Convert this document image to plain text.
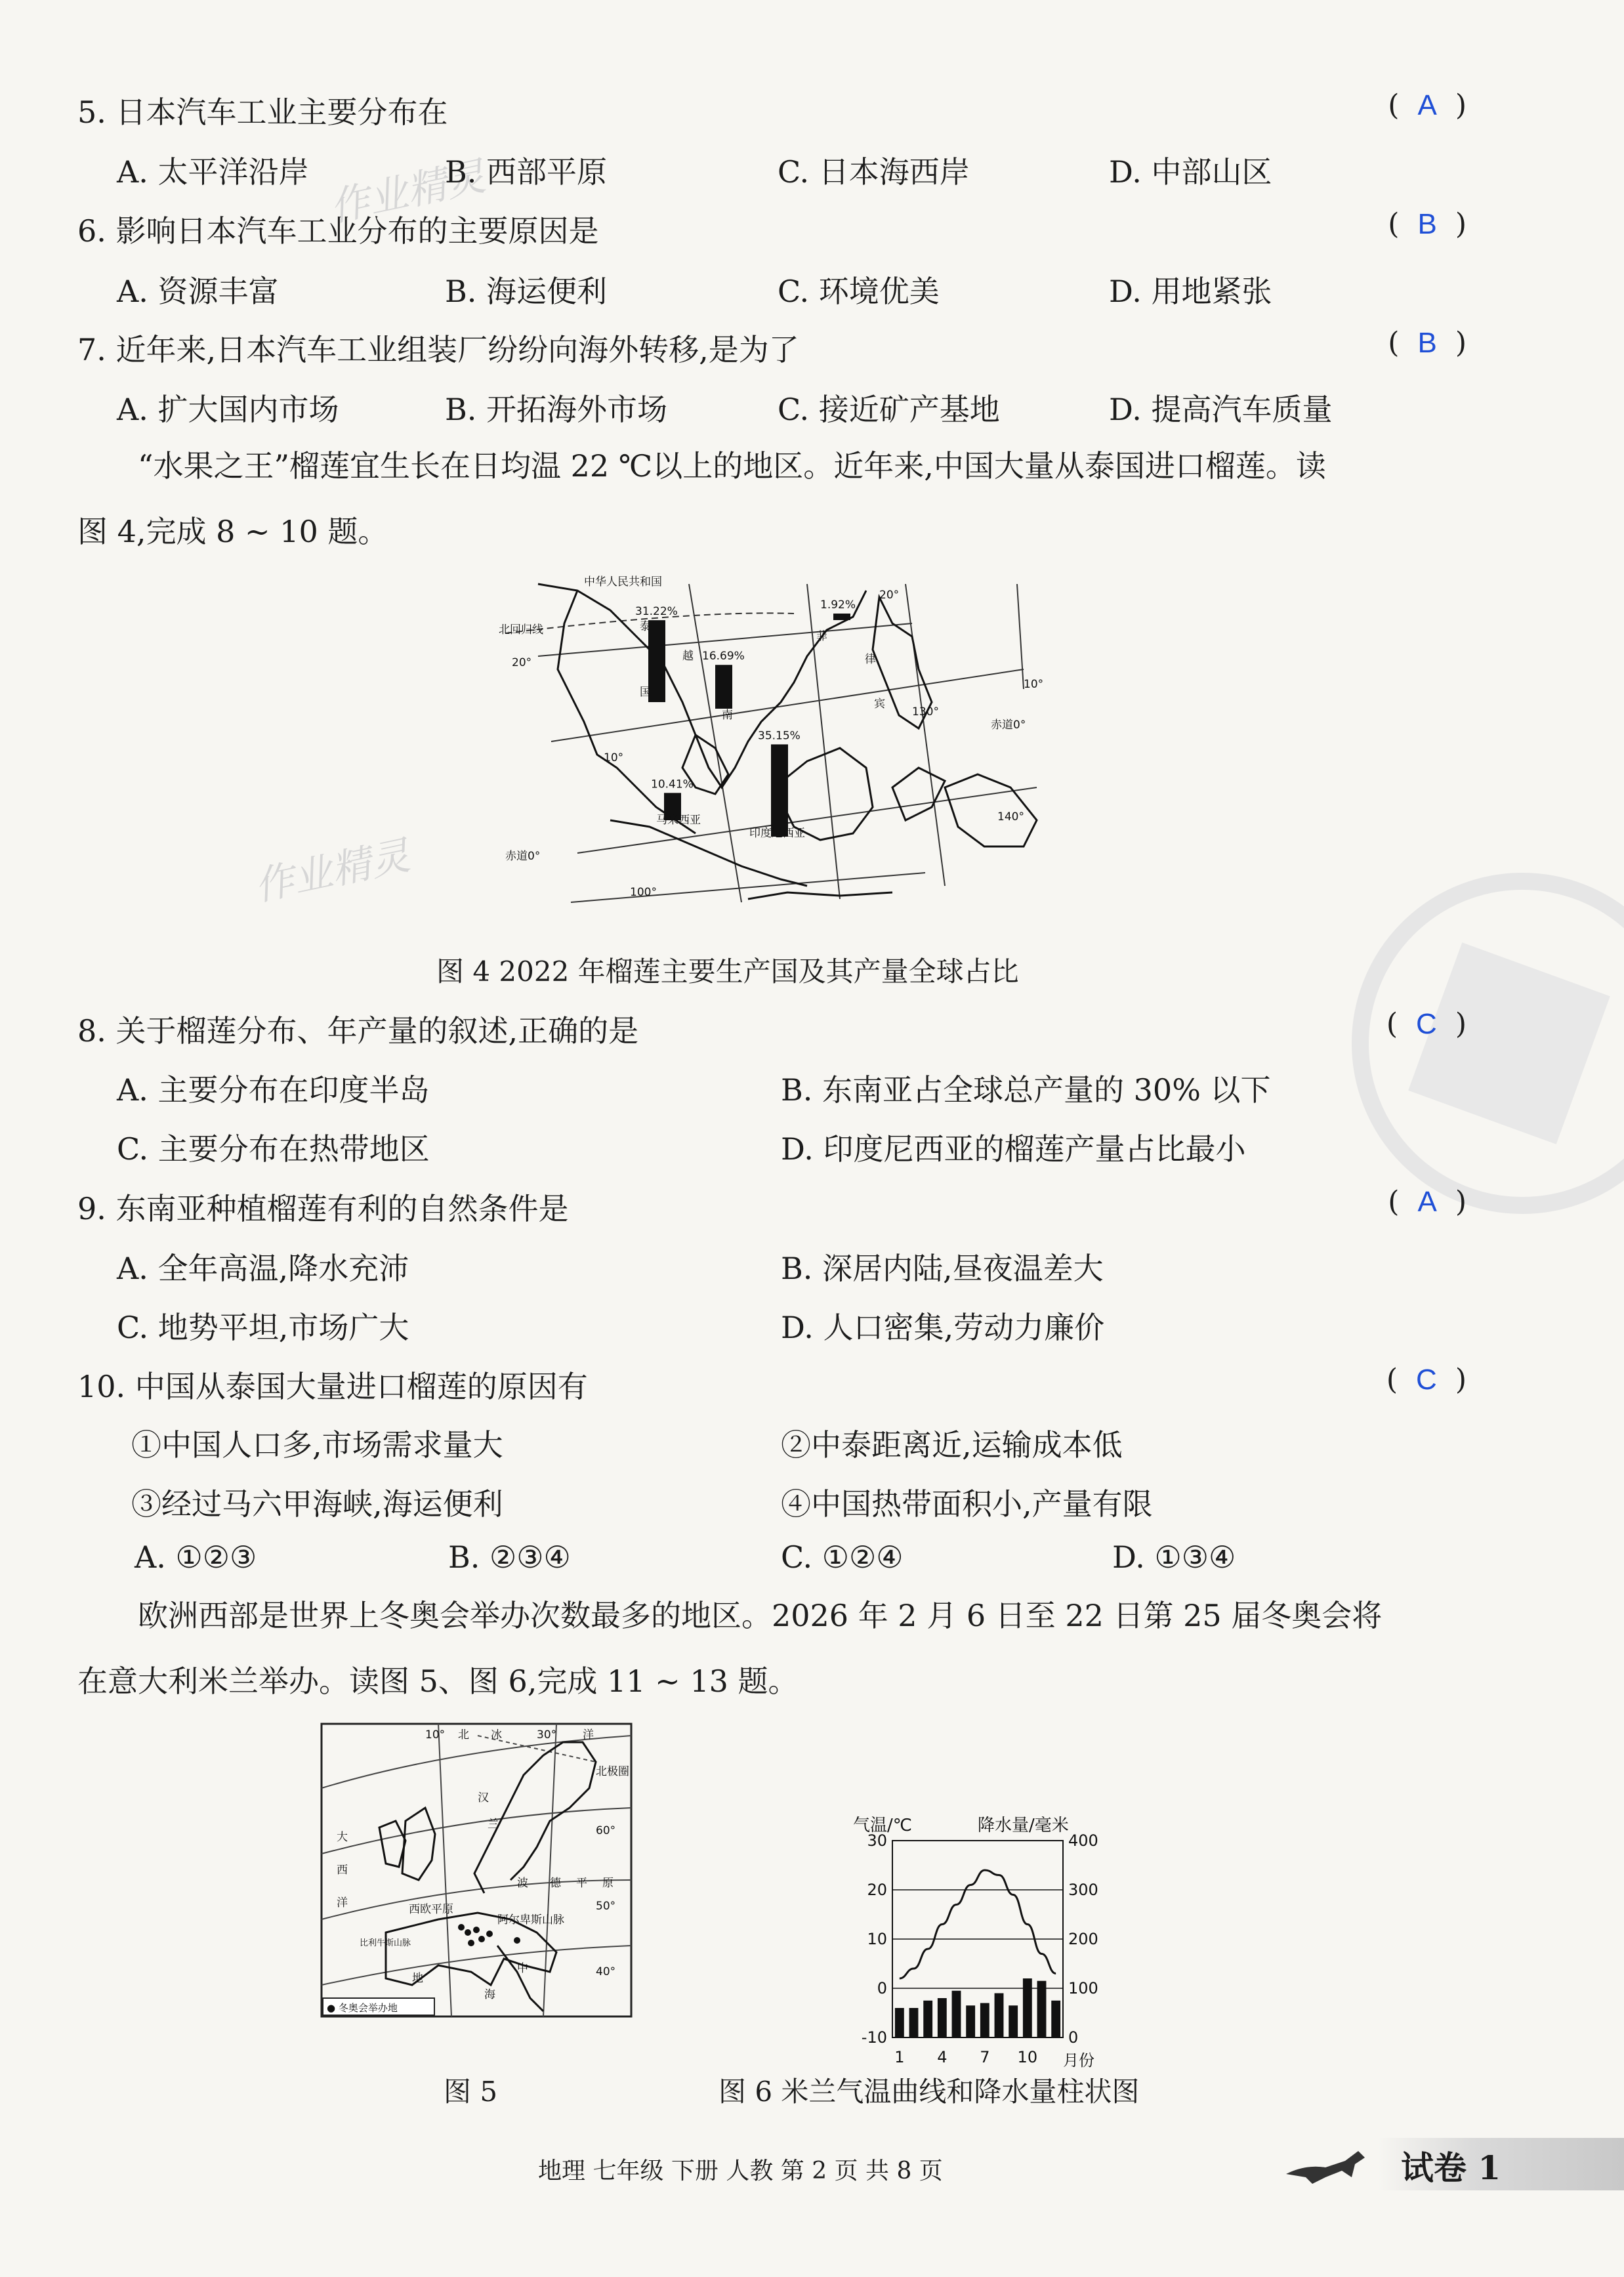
作业精灵
作业精灵
5. 日本汽车工业主要分布在	( A )
A. 太平洋沿岸	B. 西部平原	C. 日本海西岸	D. 中部山区
6. 影响日本汽车工业分布的主要原因是	( B )
A. 资源丰富	B. 海运便利	C. 环境优美	D. 用地紧张
7. 近年来,日本汽车工业组装厂纷纷向海外转移,是为了	( B )
A. 扩大国内市场	B. 开拓海外市场	C. 接近矿产基地	D. 提高汽车质量
“水果之王”榴莲宜生长在日均温 22 ℃以上的地区。近年来,中国大量从泰国进口榴莲。读
图 4,完成 8 ~ 10 题。
31.22%
16.69%
1.92%
10.41%
35.15%
中华人民共和国
北回归线
20°
20°
10°
10°
100°
130°
140°
赤道0°
赤道0°
泰
国
越
南
菲
律
宾
马来西亚
印度尼西亚
图 4 2022 年榴莲主要生产国及其产量全球占比
8. 关于榴莲分布、年产量的叙述,正确的是	( C )
A. 主要分布在印度半岛	B. 东南亚占全球总产量的 30% 以下
C. 主要分布在热带地区	D. 印度尼西亚的榴莲产量占比最小
9. 东南亚种植榴莲有利的自然条件是	( A )
A. 全年高温,降水充沛	B. 深居内陆,昼夜温差大
C. 地势平坦,市场广大	D. 人口密集,劳动力廉价
10. 中国从泰国大量进口榴莲的原因有	( C )
①中国人口多,市场需求量大	②中泰距离近,运输成本低
③经过马六甲海峡,海运便利	④中国热带面积小,产量有限
A. ①②③	B. ②③④	C. ①②④	D. ①③④
欧洲西部是世界上冬奥会举办次数最多的地区。2026 年 2 月 6 日至 22 日第 25 届冬奥会将
在意大利米兰举办。读图 5、图 6,完成 11 ~ 13 题。
10° 北 冰	30° 洋
北极圈
大
西
洋
60°
波 德 平 原
西欧平原	50°
阿尔卑斯山脉
中
地
海
40°
比利牛斯山脉
兰
汉
● 冬奥会举办地
图 5
气温/℃	降水量/毫米
30
20
10
0
-10
400
300
200
100
0
1 4 7 10 月份
图 6 米兰气温曲线和降水量柱状图
地理 七年级 下册 人教 第 2 页 共 8 页	试卷 1
